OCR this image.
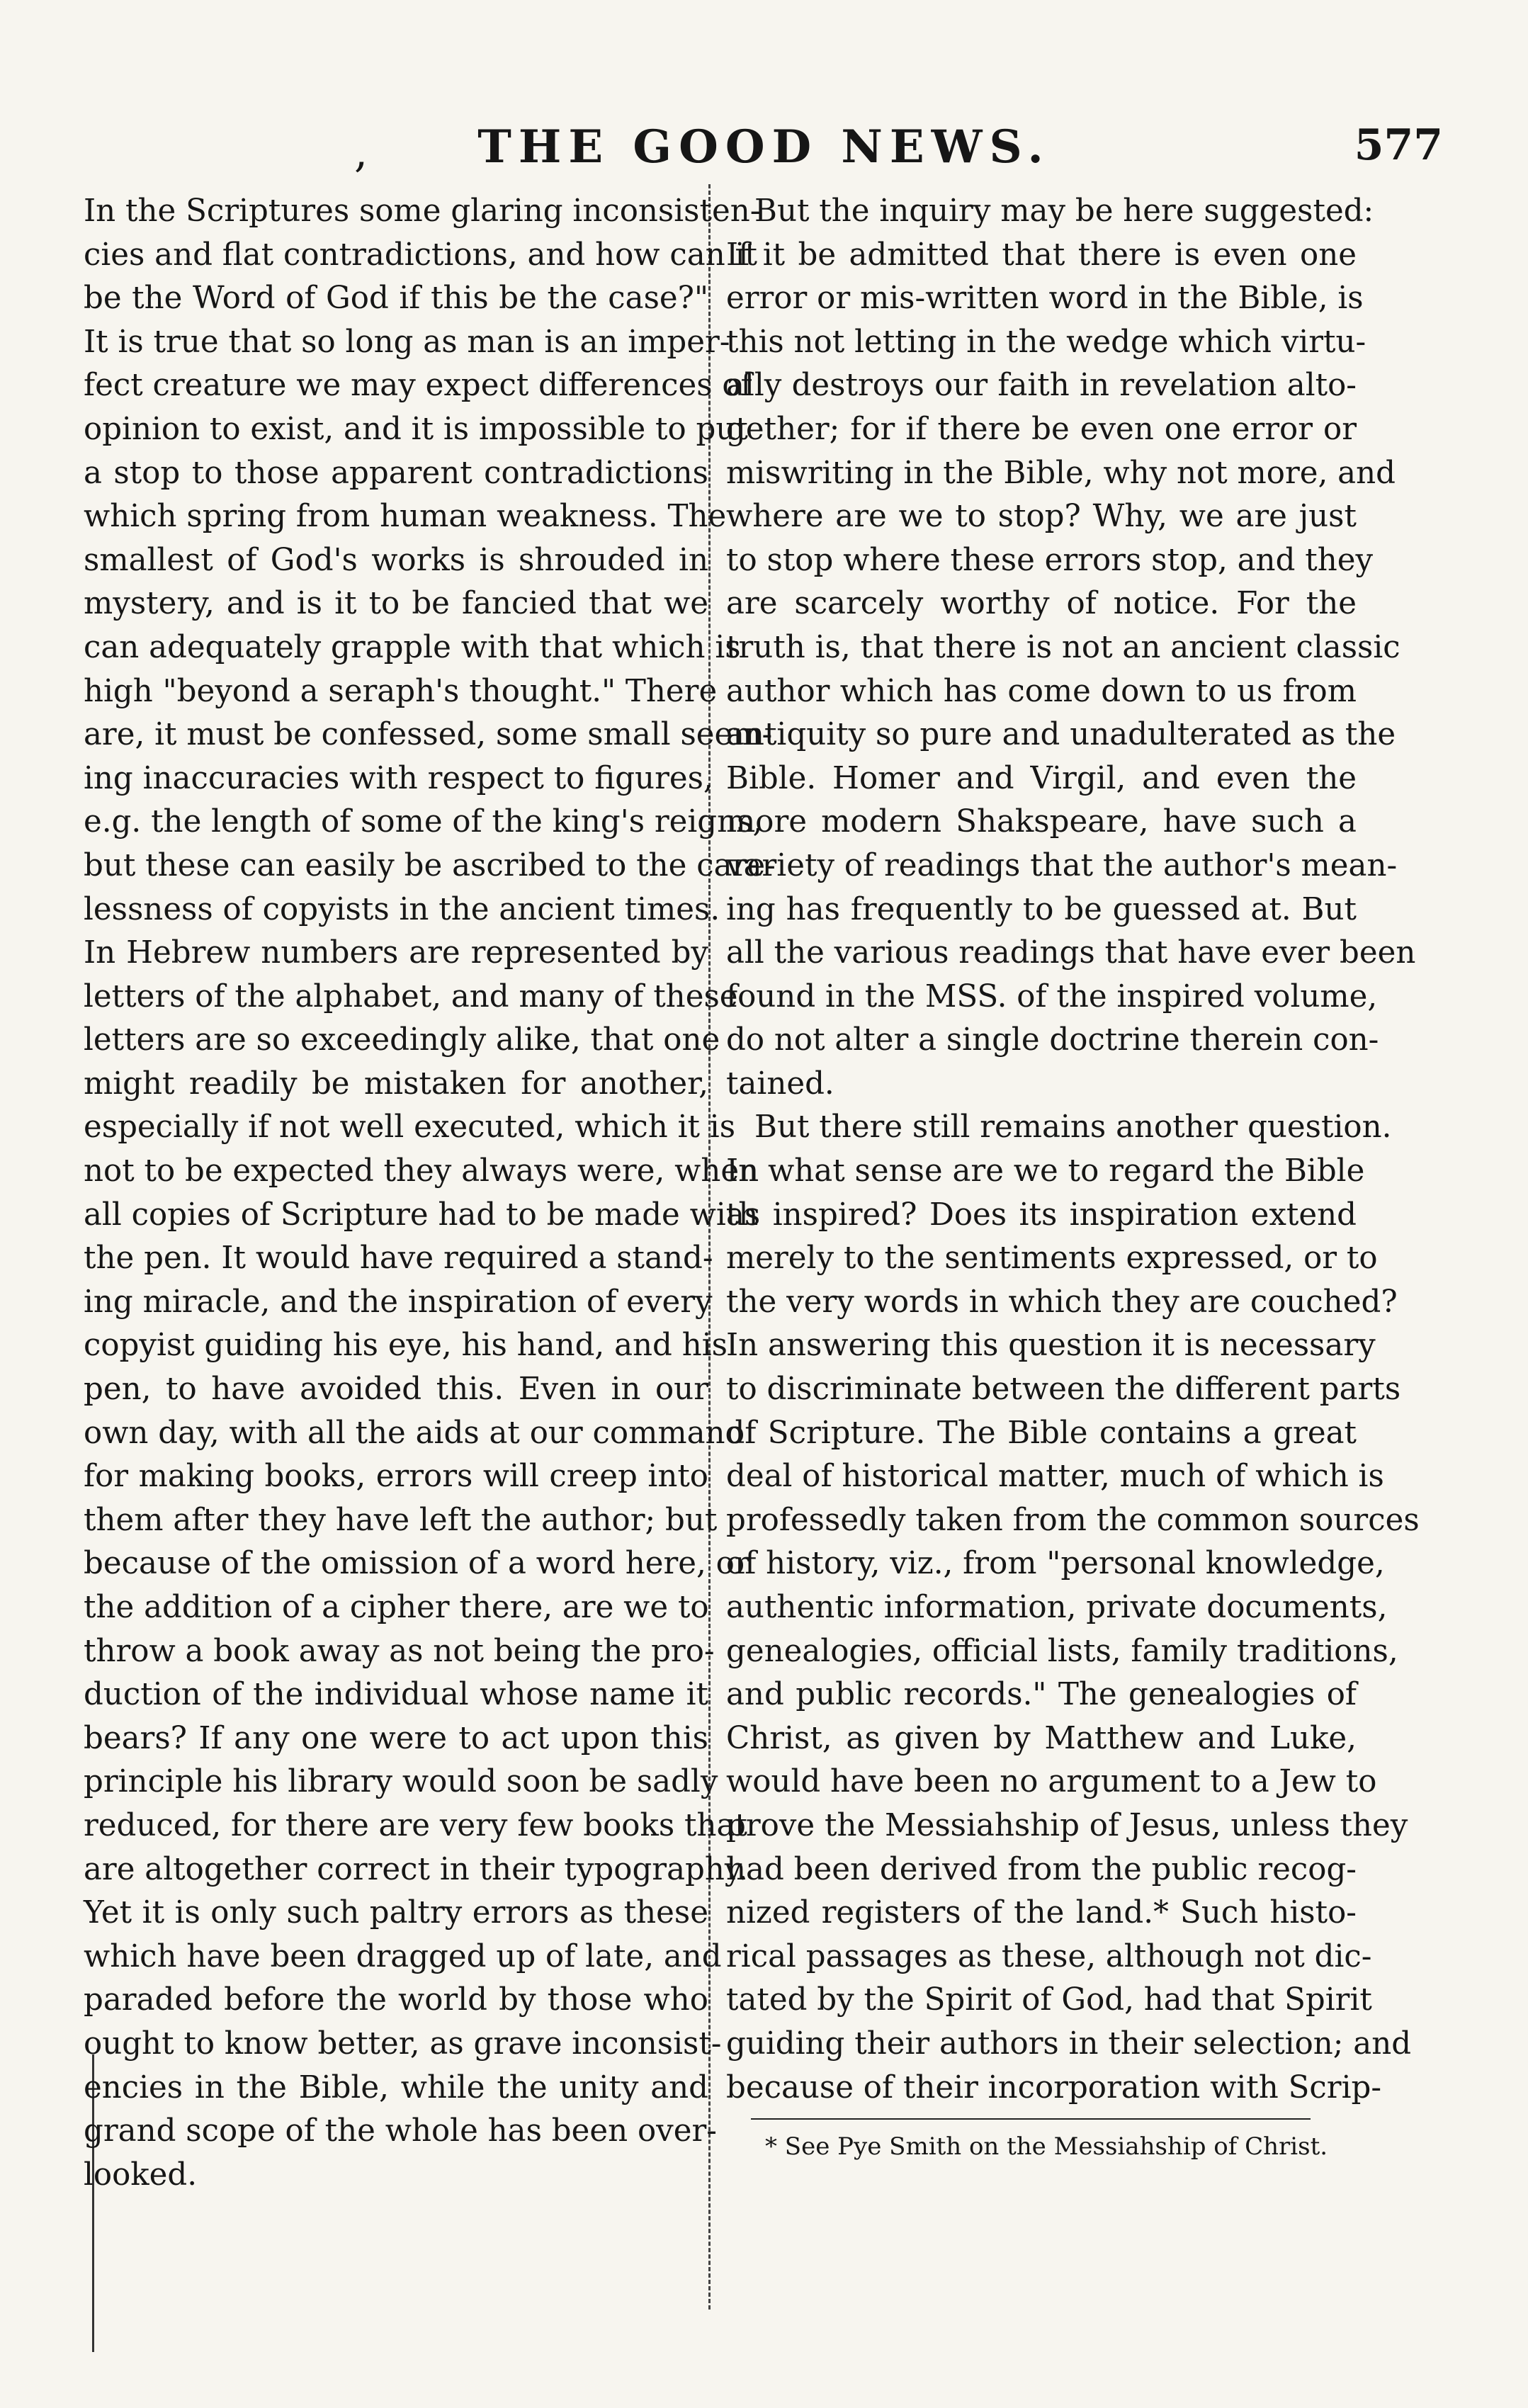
,	THE GOOD NEWS.	577
In the Scriptures some glaring inconsisten-
cies and flat contradictions, and how can it
be the Word of God if this be the case?"
It is true that so long as man is an imper-
fect creature we may expect differences of
opinion to exist, and it is impossible to put
a stop to those apparent contradictions
which spring from human weakness. The
smallest of God's works is shrouded in
mystery, and is it to be fancied that we
can adequately grapple with that which is
high "beyond a seraph's thought." There
are, it must be confessed, some small seem-
ing inaccuracies with respect to figures,
e.g. the length of some of the king's reigns,
but these can easily be ascribed to the care-
lessness of copyists in the ancient times.
In Hebrew numbers are represented by
letters of the alphabet, and many of these
letters are so exceedingly alike, that one
might readily be mistaken for another,
especially if not well executed, which it is
not to be expected they always were, when
all copies of Scripture had to be made with
the pen. It would have required a stand-
ing miracle, and the inspiration of every
copyist guiding his eye, his hand, and his
pen, to have avoided this. Even in our
own day, with all the aids at our command
for making books, errors will creep into
them after they have left the author; but
because of the omission of a word here, or
the addition of a cipher there, are we to
throw a book away as not being the pro-
duction of the individual whose name it
bears? If any one were to act upon this
principle his library would soon be sadly
reduced, for there are very few books that
are altogether correct in their typography.
Yet it is only such paltry errors as these
which have been dragged up of late, and
paraded before the world by those who
ought to know better, as grave inconsist-
encies in the Bible, while the unity and
grand scope of the whole has been over-
looked.
But the inquiry may be here suggested:
If it be admitted that there is even one
error or mis-written word in the Bible, is
this not letting in the wedge which virtu-
ally destroys our faith in revelation alto-
gether; for if there be even one error or
miswriting in the Bible, why not more, and
where are we to stop? Why, we are just
to stop where these errors stop, and they
are scarcely worthy of notice. For the
truth is, that there is not an ancient classic
author which has come down to us from
antiquity so pure and unadulterated as the
Bible. Homer and Virgil, and even the
more modern Shakspeare, have such a
variety of readings that the author's mean-
ing has frequently to be guessed at. But
all the various readings that have ever been
found in the MSS. of the inspired volume,
do not alter a single doctrine therein con-
tained.
But there still remains another question.
In what sense are we to regard the Bible
as inspired? Does its inspiration extend
merely to the sentiments expressed, or to
the very words in which they are couched?
In answering this question it is necessary
to discriminate between the different parts
of Scripture. The Bible contains a great
deal of historical matter, much of which is
professedly taken from the common sources
of history, viz., from "personal knowledge,
authentic information, private documents,
genealogies, official lists, family traditions,
and public records." The genealogies of
Christ, as given by Matthew and Luke,
would have been no argument to a Jew to
prove the Messiahship of Jesus, unless they
had been derived from the public recog-
nized registers of the land.* Such histo-
rical passages as these, although not dic-
tated by the Spirit of God, had that Spirit
guiding their authors in their selection; and
because of their incorporation with Scrip-
* See Pye Smith on the Messiahship of Christ.
